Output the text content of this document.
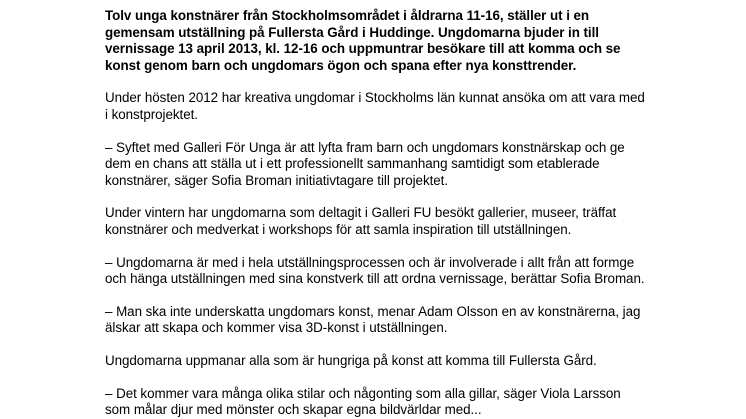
Tolv unga konstnärer från Stockholmsområdet i åldrarna 11-16, ställer ut i en gemensam utställning på Fullersta Gård i Huddinge. Ungdomarna bjuder in till vernissage 13 april 2013, kl. 12-16 och uppmuntrar besökare till att komma och se konst genom barn och ungdomars ögon och spana efter nya konsttrender.

Under hösten 2012 har kreativa ungdomar i Stockholms län kunnat ansöka om att vara med i konstprojektet.

– Syftet med Galleri För Unga är att lyfta fram barn och ungdomars konstnärskap och ge dem en chans att ställa ut i ett professionellt sammanhang samtidigt som etablerade konstnärer, säger Sofia Broman initiativtagare till projektet.

Under vintern har ungdomarna som deltagit i Galleri FU besökt gallerier, museer, träffat konstnärer och medverkat i workshops för att samla inspiration till utställningen.

– Ungdomarna är med i hela utställningsprocessen och är involverade i allt från att formge och hänga utställningen med sina konstverk till att ordna vernissage, berättar Sofia Broman.

– Man ska inte underskatta ungdomars konst, menar Adam Olsson en av konstnärerna, jag älskar att skapa och kommer visa 3D-konst i utställningen.

Ungdomarna uppmanar alla som är hungriga på konst att komma till Fullersta Gård.

– Det kommer vara många olika stilar och någonting som alla gillar, säger Viola Larsson som målar djur med mönster och skapar egna bildvärldar med...
